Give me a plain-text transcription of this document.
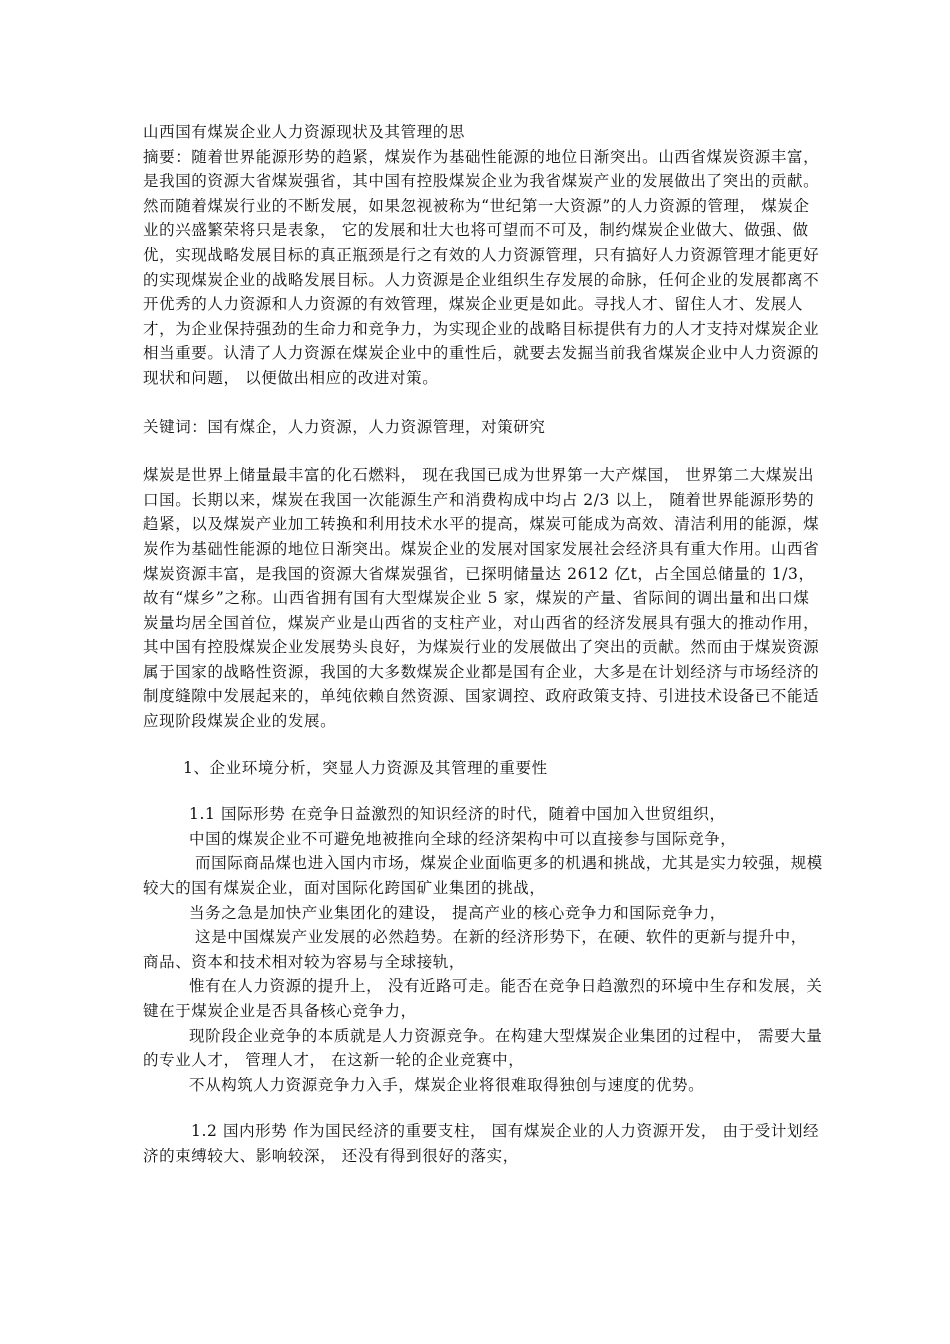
山西国有煤炭企业人力资源现状及其管理的思

摘要：随着世界能源形势的趋紧，煤炭作为基础性能源的地位日渐突出。山西省煤炭资源丰富，是我国的资源大省煤炭强省，其中国有控股煤炭企业为我省煤炭产业的发展做出了突出的贡献。然而随着煤炭行业的不断发展，如果忽视被称为“世纪第一大资源”的人力资源的管理， 煤炭企业的兴盛繁荣将只是表象， 它的发展和壮大也将可望而不可及，制约煤炭企业做大、做强、做优，实现战略发展目标的真正瓶颈是行之有效的人力资源管理，只有搞好人力资源管理才能更好的实现煤炭企业的战略发展目标。人力资源是企业组织生存发展的命脉，任何企业的发展都离不开优秀的人力资源和人力资源的有效管理，煤炭企业更是如此。寻找人才、留住人才、发展人才，为企业保持强劲的生命力和竞争力，为实现企业的战略目标提供有力的人才支持对煤炭企业相当重要。认清了人力资源在煤炭企业中的重性后，就要去发掘当前我省煤炭企业中人力资源的现状和问题， 以便做出相应的改进对策。

关键词：国有煤企，人力资源，人力资源管理，对策研究

煤炭是世界上储量最丰富的化石燃料， 现在我国已成为世界第一大产煤国， 世界第二大煤炭出口国。长期以来，煤炭在我国一次能源生产和消费构成中均占 2/3 以上， 随着世界能源形势的趋紧，以及煤炭产业加工转换和利用技术水平的提高，煤炭可能成为高效、清洁利用的能源，煤炭作为基础性能源的地位日渐突出。煤炭企业的发展对国家发展社会经济具有重大作用。山西省煤炭资源丰富，是我国的资源大省煤炭强省，已探明储量达 2612 亿t，占全国总储量的 1/3，故有“煤乡”之称。山西省拥有国有大型煤炭企业 5 家，煤炭的产量、省际间的调出量和出口煤炭量均居全国首位，煤炭产业是山西省的支柱产业，对山西省的经济发展具有强大的推动作用，其中国有控股煤炭企业发展势头良好，为煤炭行业的发展做出了突出的贡献。然而由于煤炭资源属于国家的战略性资源，我国的大多数煤炭企业都是国有企业，大多是在计划经济与市场经济的制度缝隙中发展起来的，单纯依赖自然资源、国家调控、政府政策支持、引进技术设备已不能适应现阶段煤炭企业的发展。

1、企业环境分析，突显人力资源及其管理的重要性

1.1 国际形势 在竞争日益激烈的知识经济的时代，随着中国加入世贸组织，

中国的煤炭企业不可避免地被推向全球的经济架构中可以直接参与国际竞争，

而国际商品煤也进入国内市场，煤炭企业面临更多的机遇和挑战，尤其是实力较强，规模较大的国有煤炭企业，面对国际化跨国矿业集团的挑战，

当务之急是加快产业集团化的建设， 提高产业的核心竞争力和国际竞争力，

这是中国煤炭产业发展的必然趋势。在新的经济形势下，在硬、软件的更新与提升中， 商品、资本和技术相对较为容易与全球接轨，

惟有在人力资源的提升上， 没有近路可走。能否在竞争日趋激烈的环境中生存和发展，关键在于煤炭企业是否具备核心竞争力，

现阶段企业竞争的本质就是人力资源竞争。在构建大型煤炭企业集团的过程中， 需要大量的专业人才， 管理人才， 在这新一轮的企业竞赛中，

不从构筑人力资源竞争力入手，煤炭企业将很难取得独创与速度的优势。

1.2 国内形势 作为国民经济的重要支柱， 国有煤炭企业的人力资源开发， 由于受计划经济的束缚较大、影响较深， 还没有得到很好的落实，
